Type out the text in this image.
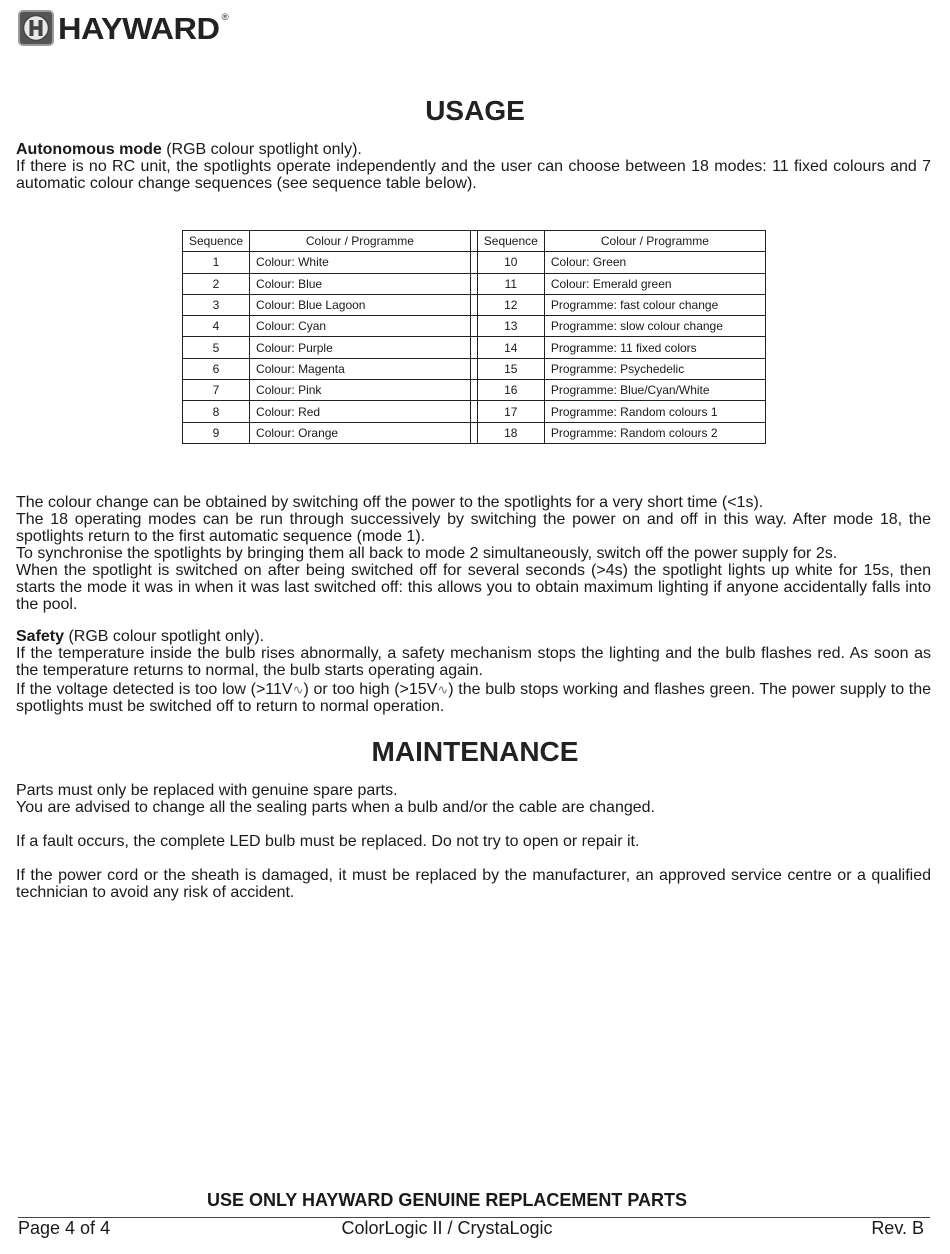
HAYWARD ®
USAGE

Autonomous mode (RGB colour spotlight only).

If there is no RC unit, the spotlights operate independently and the user can choose between 18 modes: 11 fixed colours and 7 automatic colour change sequences (see sequence table below).

Sequence	Colour / Programme		Sequence	Colour / Programme
1	Colour: White		10	Colour: Green
2	Colour: Blue		11	Colour: Emerald green
3	Colour: Blue Lagoon		12	Programme: fast colour change
4	Colour: Cyan		13	Programme: slow colour change
5	Colour: Purple		14	Programme: 11 fixed colors
6	Colour: Magenta		15	Programme: Psychedelic
7	Colour: Pink		16	Programme: Blue/Cyan/White
8	Colour: Red		17	Programme: Random colours 1
9	Colour: Orange		18	Programme: Random colours 2

The colour change can be obtained by switching off the power to the spotlights for a very short time (<1s).

The 18 operating modes can be run through successively by switching the power on and off in this way. After mode 18, the spotlights return to the first automatic sequence (mode 1).

To synchronise the spotlights by bringing them all back to mode 2 simultaneously, switch off the power supply for 2s.

When the spotlight is switched on after being switched off for several seconds (>4s) the spotlight lights up white for 15s, then starts the mode it was in when it was last switched off: this allows you to obtain maximum lighting if anyone accidentally falls into the pool.

Safety (RGB colour spotlight only).

If the temperature inside the bulb rises abnormally, a safety mechanism stops the lighting and the bulb flashes red. As soon as the temperature returns to normal, the bulb starts operating again.

If the voltage detected is too low (>11V∿) or too high (>15V∿) the bulb stops working and flashes green. The power supply to the spotlights must be switched off to return to normal operation.

MAINTENANCE

Parts must only be replaced with genuine spare parts.

You are advised to change all the sealing parts when a bulb and/or the cable are changed.

If a fault occurs, the complete LED bulb must be replaced. Do not try to open or repair it.

If the power cord or the sheath is damaged, it must be replaced by the manufacturer, an approved service centre or a qualified technician to avoid any risk of accident.

USE ONLY HAYWARD GENUINE REPLACEMENT PARTS
Page 4 of 4	ColorLogic II / CrystaLogic	Rev. B
